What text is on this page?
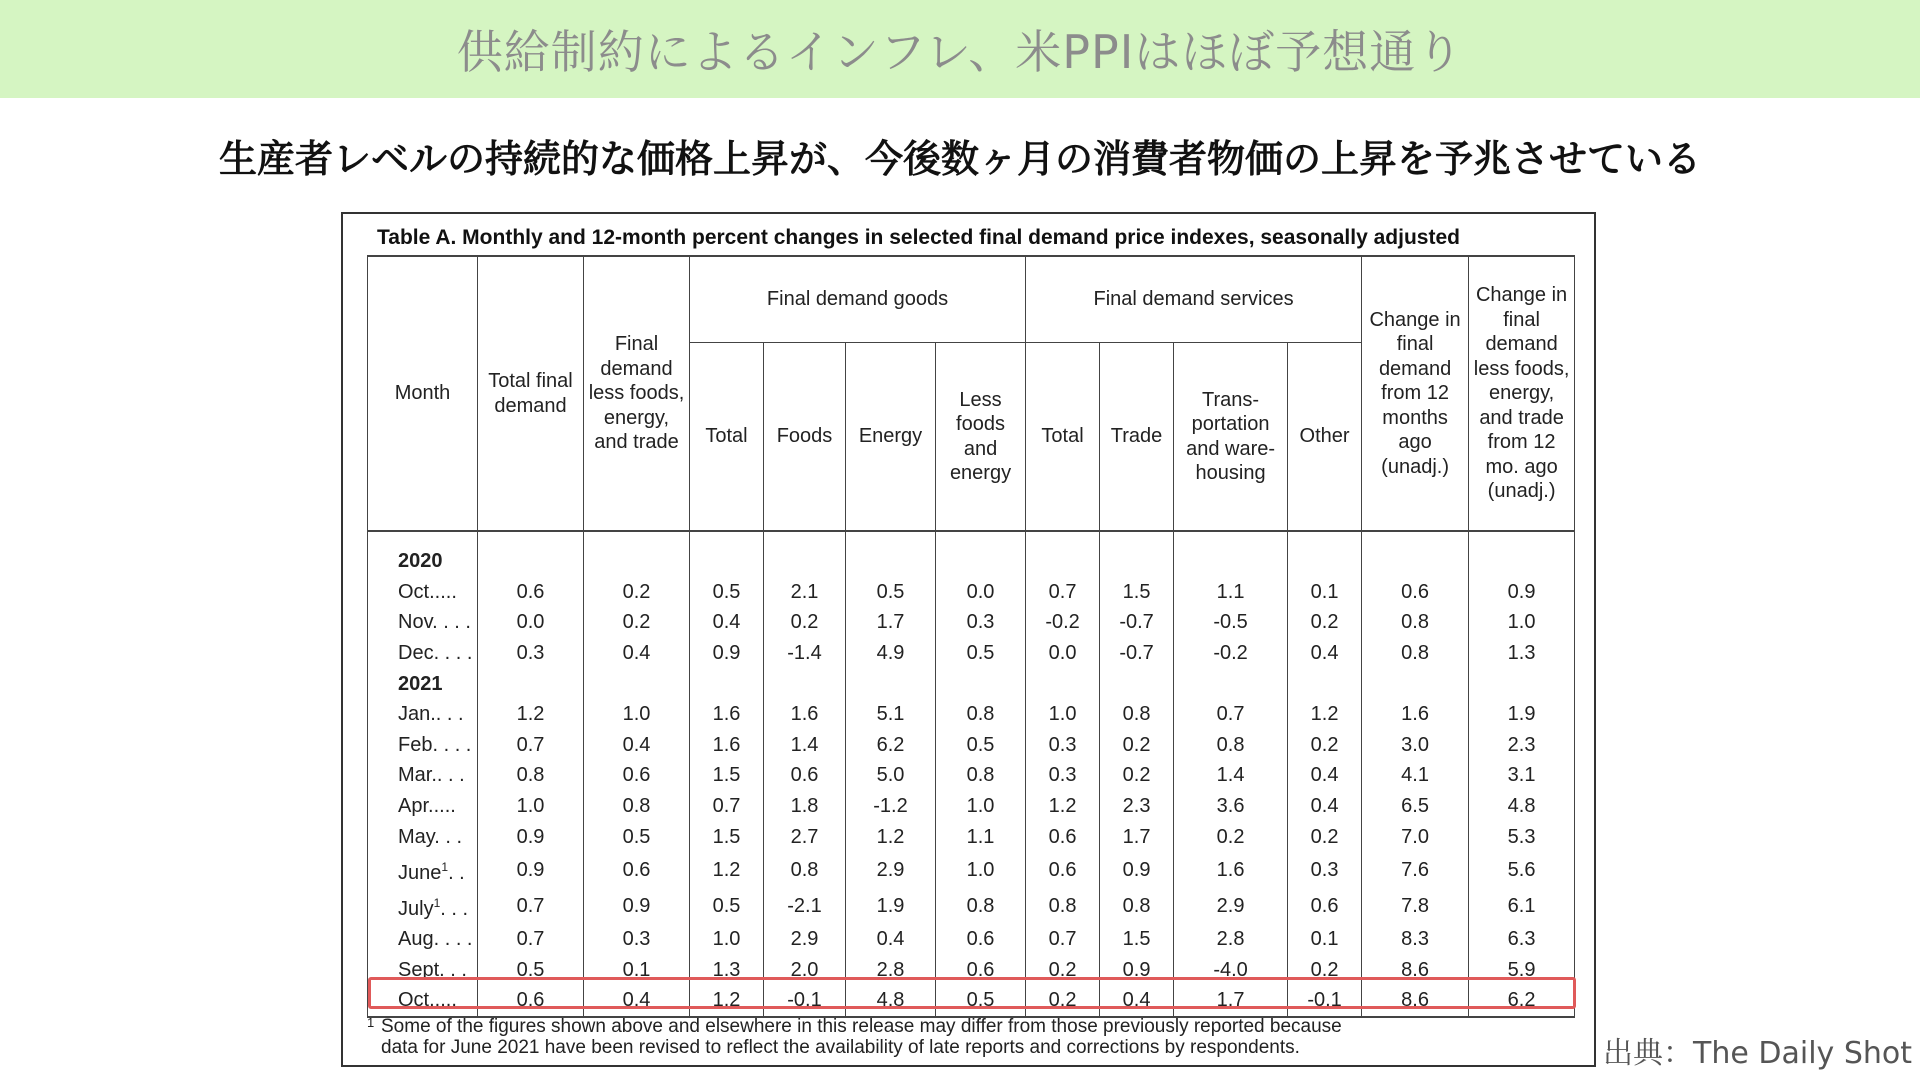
供給制約によるインフレ、米PPIはほぼ予想通り
生産者レベルの持続的な価格上昇が、今後数ヶ月の消費者物価の上昇を予兆させている
Table A. Monthly and 12-month percent changes in selected final demand price indexes, seasonally adjusted
Month	Total final demand	Final demand less foods, energy, and trade	Final demand goods				Final demand services				Change in final demand from 12 months ago (unadj.)	Change in final demand less foods, energy, and trade from 12 mo. ago (unadj.)
			Total	Foods	Energy	Less foods and energy	Total	Trade	Trans-portation and ware-housing	Other		

2020												
Oct.....	0.6	0.2	0.5	2.1	0.5	0.0	0.7	1.5	1.1	0.1	0.6	0.9
Nov. . . .	0.0	0.2	0.4	0.2	1.7	0.3	-0.2	-0.7	-0.5	0.2	0.8	1.0
Dec. . . .	0.3	0.4	0.9	-1.4	4.9	0.5	0.0	-0.7	-0.2	0.4	0.8	1.3
2021												
Jan.. . .	1.2	1.0	1.6	1.6	5.1	0.8	1.0	0.8	0.7	1.2	1.6	1.9
Feb. . . .	0.7	0.4	1.6	1.4	6.2	0.5	0.3	0.2	0.8	0.2	3.0	2.3
Mar.. . .	0.8	0.6	1.5	0.6	5.0	0.8	0.3	0.2	1.4	0.4	4.1	3.1
Apr.....	1.0	0.8	0.7	1.8	-1.2	1.0	1.2	2.3	3.6	0.4	6.5	4.8
May. . .	0.9	0.5	1.5	2.7	1.2	1.1	0.6	1.7	0.2	0.2	7.0	5.3
June$^1$. .	0.9	0.6	1.2	0.8	2.9	1.0	0.6	0.9	1.6	0.3	7.6	5.6
July$^1$. . .	0.7	0.9	0.5	-2.1	1.9	0.8	0.8	0.8	2.9	0.6	7.8	6.1
Aug. . . .	0.7	0.3	1.0	2.9	0.4	0.6	0.7	1.5	2.8	0.1	8.3	6.3
Sept. . .	0.5	0.1	1.3	2.0	2.8	0.6	0.2	0.9	-4.0	0.2	8.6	5.9
Oct.....	0.6	0.4	1.2	-0.1	4.8	0.5	0.2	0.4	1.7	-0.1	8.6	6.2
1 Some of the figures shown above and elsewhere in this release may differ from those previously reported because
data for June 2021 have been revised to reflect the availability of late reports and corrections by respondents.	出典：The Daily Shot
